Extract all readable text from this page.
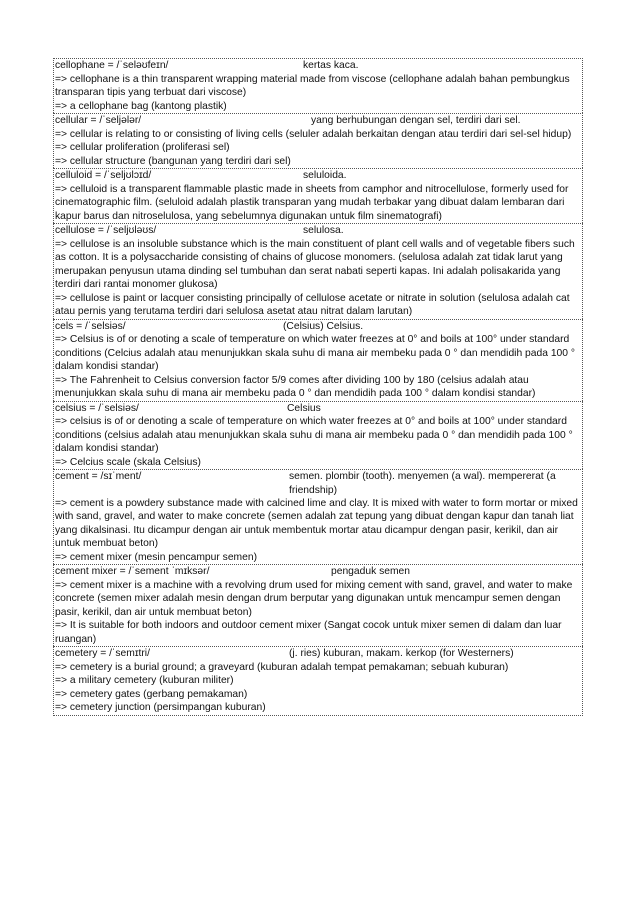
cellophane = /ˈseləʊfeɪn/	kertas kaca.
=> cellophane is a thin transparent wrapping material made from viscose (cellophane adalah bahan pembungkus transparan tipis yang terbuat dari viscose)
=> a cellophane bag (kantong plastik)
cellular = /ˈseljələr/	yang berhubungan dengan sel, terdiri dari sel.
=> cellular is relating to or consisting of living cells (seluler adalah berkaitan dengan atau terdiri dari sel-sel hidup)
=> cellular proliferation (proliferasi sel)
=> cellular structure (bangunan yang terdiri dari sel)
celluloid = /ˈseljʊlɔɪd/	seluloida.
=> celluloid is a transparent flammable plastic made in sheets from camphor and nitrocellulose, formerly used for cinematographic film. (seluloid adalah plastik transparan yang mudah terbakar yang dibuat dalam lembaran dari kapur barus dan nitroselulosa, yang sebelumnya digunakan untuk film sinematografi)
cellulose = /ˈseljʊləʊs/	selulosa.
=> cellulose is an insoluble substance which is the main constituent of plant cell walls and of vegetable fibers such as cotton. It is a polysaccharide consisting of chains of glucose monomers. (selulosa adalah zat tidak larut yang merupakan penyusun utama dinding sel tumbuhan dan serat nabati seperti kapas. Ini adalah polisakarida yang terdiri dari rantai monomer glukosa)
=> cellulose is paint or lacquer consisting principally of cellulose acetate or nitrate in solution (selulosa adalah cat atau pernis yang terutama terdiri dari selulosa asetat atau nitrat dalam larutan)
cels = /ˈselsiəs/	(Celsius) Celsius.
=> Celsius is of or denoting a scale of temperature on which water freezes at 0° and boils at 100° under standard conditions (Celcius adalah atau menunjukkan skala suhu di mana air membeku pada 0 ° dan mendidih pada 100 ° dalam kondisi standar)
=> The Fahrenheit to Celsius conversion factor 5/9 comes after dividing 100 by 180 (celsius adalah atau menunjukkan skala suhu di mana air membeku pada 0 ° dan mendidih pada 100 ° dalam kondisi standar)
celsius = /ˈselsiəs/	Celsius
=> celsius is of or denoting a scale of temperature on which water freezes at 0° and boils at 100° under standard conditions (celsius adalah atau menunjukkan skala suhu di mana air membeku pada 0 ° dan mendidih pada 100 ° dalam kondisi standar)
=> Celcius scale (skala Celsius)
cement = /sɪˈment/	semen. plombir (tooth). menyemen (a wal). mempererat (a friendship)
=> cement is a powdery substance made with calcined lime and clay. It is mixed with water to form mortar or mixed with sand, gravel, and water to make concrete (semen adalah zat tepung yang dibuat dengan kapur dan tanah liat yang dikalsinasi. Itu dicampur dengan air untuk membentuk mortar atau dicampur dengan pasir, kerikil, dan air untuk membuat beton)
=> cement mixer (mesin pencampur semen)
cement mixer = /ˈsement ˈmɪksər/	pengaduk semen
=> cement mixer is a machine with a revolving drum used for mixing cement with sand, gravel, and water to make concrete (semen mixer adalah mesin dengan drum berputar yang digunakan untuk mencampur semen dengan pasir, kerikil, dan air untuk membuat beton)
=> It is suitable for both indoors and outdoor cement mixer (Sangat cocok untuk mixer semen di dalam dan luar ruangan)
cemetery = /ˈsemɪtri/	(j. ries) kuburan, makam. kerkop (for Westerners)
=> cemetery is a burial ground; a graveyard (kuburan adalah tempat pemakaman; sebuah kuburan)
=> a military cemetery (kuburan militer)
=> cemetery gates (gerbang pemakaman)
=> cemetery junction (persimpangan kuburan)
